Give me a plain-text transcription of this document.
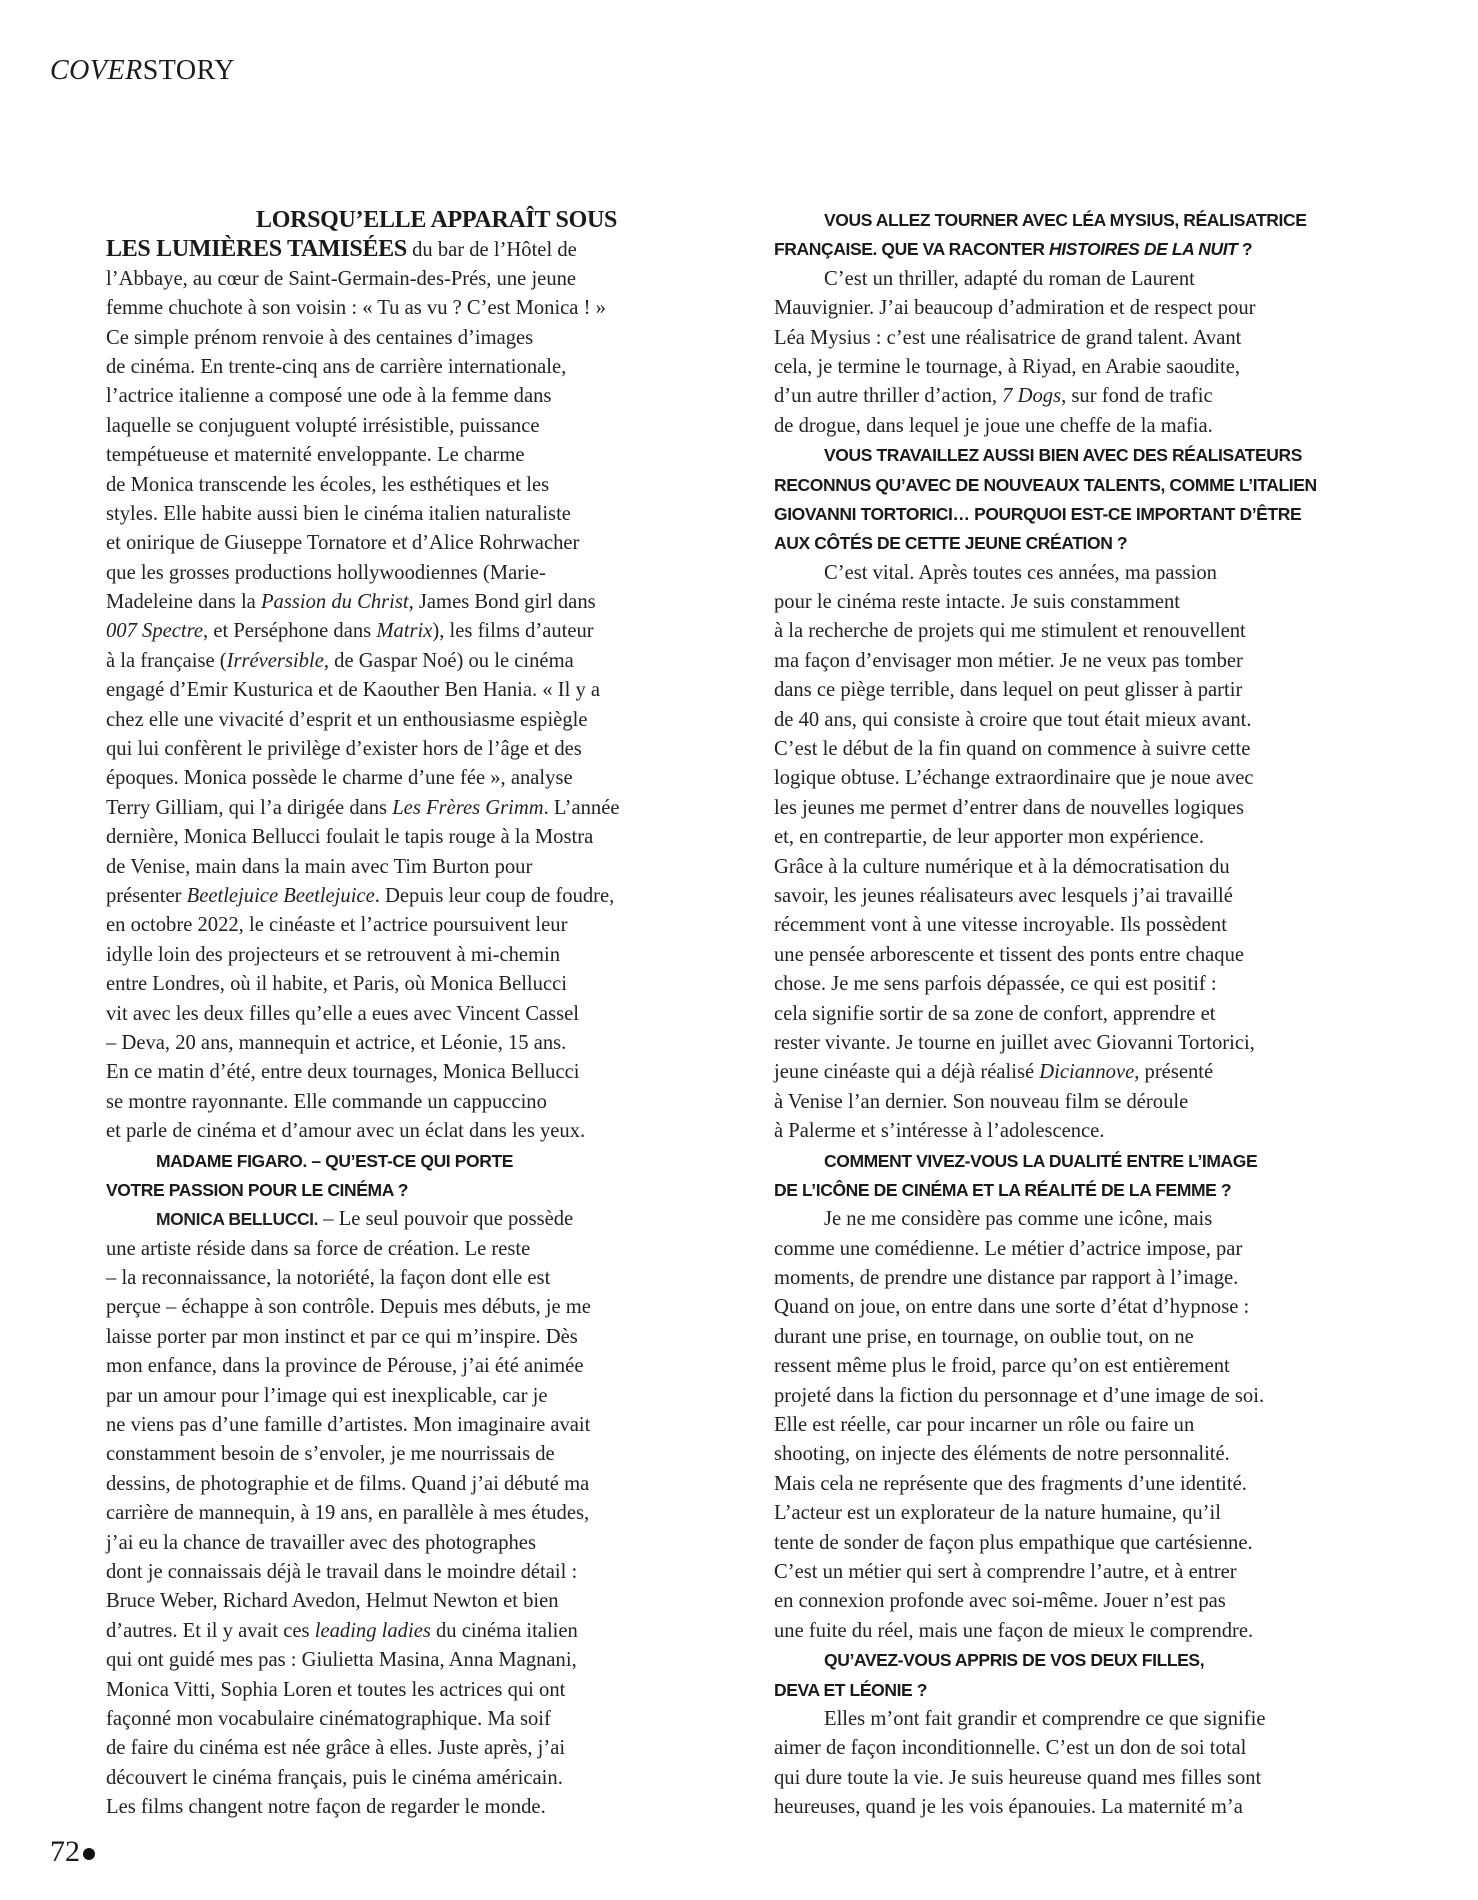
COVERSTORY
LORSQU’ELLE APPARAÎT SOUS
LES LUMIÈRES TAMISÉES du bar de l’Hôtel de
l’Abbaye, au cœur de Saint-Germain-des-Prés, une jeune
femme chuchote à son voisin : « Tu as vu ? C’est Monica ! »
Ce simple prénom renvoie à des centaines d’images
de cinéma. En trente-cinq ans de carrière internationale,
l’actrice italienne a composé une ode à la femme dans
laquelle se conjuguent volupté irrésistible, puissance
tempétueuse et maternité enveloppante. Le charme
de Monica transcende les écoles, les esthétiques et les
styles. Elle habite aussi bien le cinéma italien naturaliste
et onirique de Giuseppe Tornatore et d’Alice Rohrwacher
que les grosses productions hollywoodiennes (Marie-
Madeleine dans la Passion du Christ, James Bond girl dans
007 Spectre, et Perséphone dans Matrix), les films d’auteur
à la française (Irréversible, de Gaspar Noé) ou le cinéma
engagé d’Emir Kusturica et de Kaouther Ben Hania. « Il y a
chez elle une vivacité d’esprit et un enthousiasme espiègle
qui lui confèrent le privilège d’exister hors de l’âge et des
époques. Monica possède le charme d’une fée », analyse
Terry Gilliam, qui l’a dirigée dans Les Frères Grimm. L’année
dernière, Monica Bellucci foulait le tapis rouge à la Mostra
de Venise, main dans la main avec Tim Burton pour
présenter Beetlejuice Beetlejuice. Depuis leur coup de foudre,
en octobre 2022, le cinéaste et l’actrice poursuivent leur
idylle loin des projecteurs et se retrouvent à mi-chemin
entre Londres, où il habite, et Paris, où Monica Bellucci
vit avec les deux filles qu’elle a eues avec Vincent Cassel
– Deva, 20 ans, mannequin et actrice, et Léonie, 15 ans.
En ce matin d’été, entre deux tournages, Monica Bellucci
se montre rayonnante. Elle commande un cappuccino
et parle de cinéma et d’amour avec un éclat dans les yeux.
MADAME FIGARO. – QU’EST-CE QUI PORTE
VOTRE PASSION POUR LE CINÉMA ?
MONICA BELLUCCI. – Le seul pouvoir que possède
une artiste réside dans sa force de création. Le reste
– la reconnaissance, la notoriété, la façon dont elle est
perçue – échappe à son contrôle. Depuis mes débuts, je me
laisse porter par mon instinct et par ce qui m’inspire. Dès
mon enfance, dans la province de Pérouse, j’ai été animée
par un amour pour l’image qui est inexplicable, car je
ne viens pas d’une famille d’artistes. Mon imaginaire avait
constamment besoin de s’envoler, je me nourrissais de
dessins, de photographie et de films. Quand j’ai débuté ma
carrière de mannequin, à 19 ans, en parallèle à mes études,
j’ai eu la chance de travailler avec des photographes
dont je connaissais déjà le travail dans le moindre détail :
Bruce Weber, Richard Avedon, Helmut Newton et bien
d’autres. Et il y avait ces leading ladies du cinéma italien
qui ont guidé mes pas : Giulietta Masina, Anna Magnani,
Monica Vitti, Sophia Loren et toutes les actrices qui ont
façonné mon vocabulaire cinématographique. Ma soif
de faire du cinéma est née grâce à elles. Juste après, j’ai
découvert le cinéma français, puis le cinéma américain.
Les films changent notre façon de regarder le monde.
VOUS ALLEZ TOURNER AVEC LÉA MYSIUS, RÉALISATRICE
FRANÇAISE. QUE VA RACONTER HISTOIRES DE LA NUIT ?
C’est un thriller, adapté du roman de Laurent
Mauvignier. J’ai beaucoup d’admiration et de respect pour
Léa Mysius : c’est une réalisatrice de grand talent. Avant
cela, je termine le tournage, à Riyad, en Arabie saoudite,
d’un autre thriller d’action, 7 Dogs, sur fond de trafic
de drogue, dans lequel je joue une cheffe de la mafia.
VOUS TRAVAILLEZ AUSSI BIEN AVEC DES RÉALISATEURS
RECONNUS QU’AVEC DE NOUVEAUX TALENTS, COMME L’ITALIEN
GIOVANNI TORTORICI… POURQUOI EST-CE IMPORTANT D’ÊTRE
AUX CÔTÉS DE CETTE JEUNE CRÉATION ?
C’est vital. Après toutes ces années, ma passion
pour le cinéma reste intacte. Je suis constamment
à la recherche de projets qui me stimulent et renouvellent
ma façon d’envisager mon métier. Je ne veux pas tomber
dans ce piège terrible, dans lequel on peut glisser à partir
de 40 ans, qui consiste à croire que tout était mieux avant.
C’est le début de la fin quand on commence à suivre cette
logique obtuse. L’échange extraordinaire que je noue avec
les jeunes me permet d’entrer dans de nouvelles logiques
et, en contrepartie, de leur apporter mon expérience.
Grâce à la culture numérique et à la démocratisation du
savoir, les jeunes réalisateurs avec lesquels j’ai travaillé
récemment vont à une vitesse incroyable. Ils possèdent
une pensée arborescente et tissent des ponts entre chaque
chose. Je me sens parfois dépassée, ce qui est positif :
cela signifie sortir de sa zone de confort, apprendre et
rester vivante. Je tourne en juillet avec Giovanni Tortorici,
jeune cinéaste qui a déjà réalisé Diciannove, présenté
à Venise l’an dernier. Son nouveau film se déroule
à Palerme et s’intéresse à l’adolescence.
COMMENT VIVEZ-VOUS LA DUALITÉ ENTRE L’IMAGE
DE L’ICÔNE DE CINÉMA ET LA RÉALITÉ DE LA FEMME ?
Je ne me considère pas comme une icône, mais
comme une comédienne. Le métier d’actrice impose, par
moments, de prendre une distance par rapport à l’image.
Quand on joue, on entre dans une sorte d’état d’hypnose :
durant une prise, en tournage, on oublie tout, on ne
ressent même plus le froid, parce qu’on est entièrement
projeté dans la fiction du personnage et d’une image de soi.
Elle est réelle, car pour incarner un rôle ou faire un
shooting, on injecte des éléments de notre personnalité.
Mais cela ne représente que des fragments d’une identité.
L’acteur est un explorateur de la nature humaine, qu’il
tente de sonder de façon plus empathique que cartésienne.
C’est un métier qui sert à comprendre l’autre, et à entrer
en connexion profonde avec soi-même. Jouer n’est pas
une fuite du réel, mais une façon de mieux le comprendre.
QU’AVEZ-VOUS APPRIS DE VOS DEUX FILLES,
DEVA ET LÉONIE ?
Elles m’ont fait grandir et comprendre ce que signifie
aimer de façon inconditionnelle. C’est un don de soi total
qui dure toute la vie. Je suis heureuse quand mes filles sont
heureuses, quand je les vois épanouies. La maternité m’a
72
